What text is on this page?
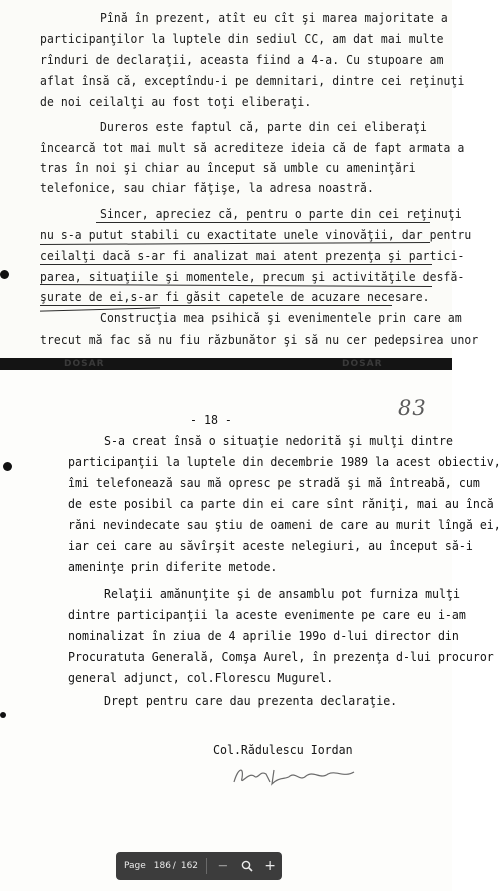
Pînă în prezent, atît eu cît şi marea majoritate a
participanţilor la luptele din sediul CC, am dat mai multe
rînduri de declaraţii, aceasta fiind a 4-a. Cu stupoare am
aflat însă că, exceptîndu-i pe demnitari, dintre cei reţinuţi
de noi ceilalţi au fost toţi eliberaţi.
Dureros este faptul că, parte din cei eliberaţi
încearcă tot mai mult să acrediteze ideia că de fapt armata a
tras în noi şi chiar au început să umble cu ameninţări
telefonice, sau chiar făţişe, la adresa noastră.
Sincer, apreciez că, pentru o parte din cei reţinuţi
nu s-a putut stabili cu exactitate unele vinovăţii, dar pentru
ceilalţi dacă s-ar fi analizat mai atent prezenţa şi partici-
parea, situaţiile şi momentele, precum şi activităţile desfă-
şurate de ei,s-ar fi găsit capetele de acuzare necesare.
Construcţia mea psihică şi evenimentele prin care am
trecut mă fac să nu fiu răzbunător şi să nu cer pedepsirea unor
DOSAR	DOSAR
83
- 18 -
S-a creat însă o situaţie nedorită şi mulţi dintre
participanţii la luptele din decembrie 1989 la acest obiectiv,
îmi telefonează sau mă opresc pe stradă şi mă întreabă, cum
de este posibil ca parte din ei care sînt răniţi, mai au încă
răni nevindecate sau ştiu de oameni de care au murit lîngă ei,
iar cei care au săvîrşit aceste nelegiuri, au început să-i
ameninţe prin diferite metode.
Relaţii amănunţite şi de ansamblu pot furniza mulţi
dintre participanţii la aceste evenimente pe care eu i-am
nominalizat în ziua de 4 aprilie 199o d-lui director din
Procuratuta Generală, Comşa Aurel, în prezenţa d-lui procuror
general adjunct, col.Florescu Mugurel.
Drept pentru care dau prezenta declaraţie.
Col.Rădulescu Iordan
Page 186 / 162 —	+
